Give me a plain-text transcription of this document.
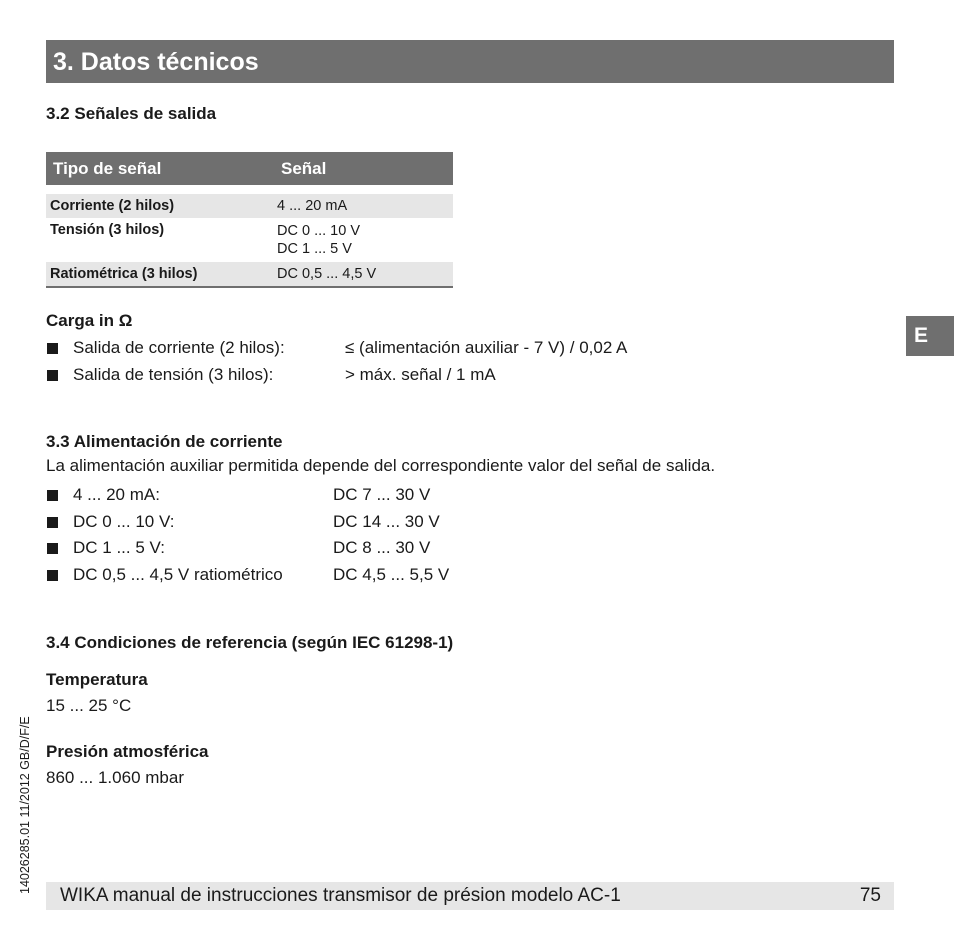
3. Datos técnicos
3.2 Señales de salida
Tipo de señal	Señal
Corriente (2 hilos)	4 ... 20 mA
Tensión (3 hilos)	DC 0 ... 10 V
DC 1 ... 5 V
Ratiométrica (3 hilos)	DC 0,5 ... 4,5 V
Carga in Ω
Salida de corriente (2 hilos):	≤ (alimentación auxiliar - 7 V) / 0,02 A
Salida de tensión (3 hilos):	> máx. señal / 1 mA
E
3.3 Alimentación de corriente
La alimentación auxiliar permitida depende del correspondiente valor del señal de salida.
4 ... 20 mA:	DC 7 ... 30 V
DC 0 ... 10 V:	DC 14 ... 30 V
DC 1 ... 5 V:	DC 8 ... 30 V
DC 0,5 ... 4,5 V ratiométrico	DC 4,5 ... 5,5 V
3.4 Condiciones de referencia (según IEC 61298-1)
Temperatura
15 ... 25 °C
Presión atmosférica
860 ... 1.060 mbar
14026285.01 11/2012 GB/D/F/E
WIKA manual de instrucciones transmisor de présion modelo AC-1	75
